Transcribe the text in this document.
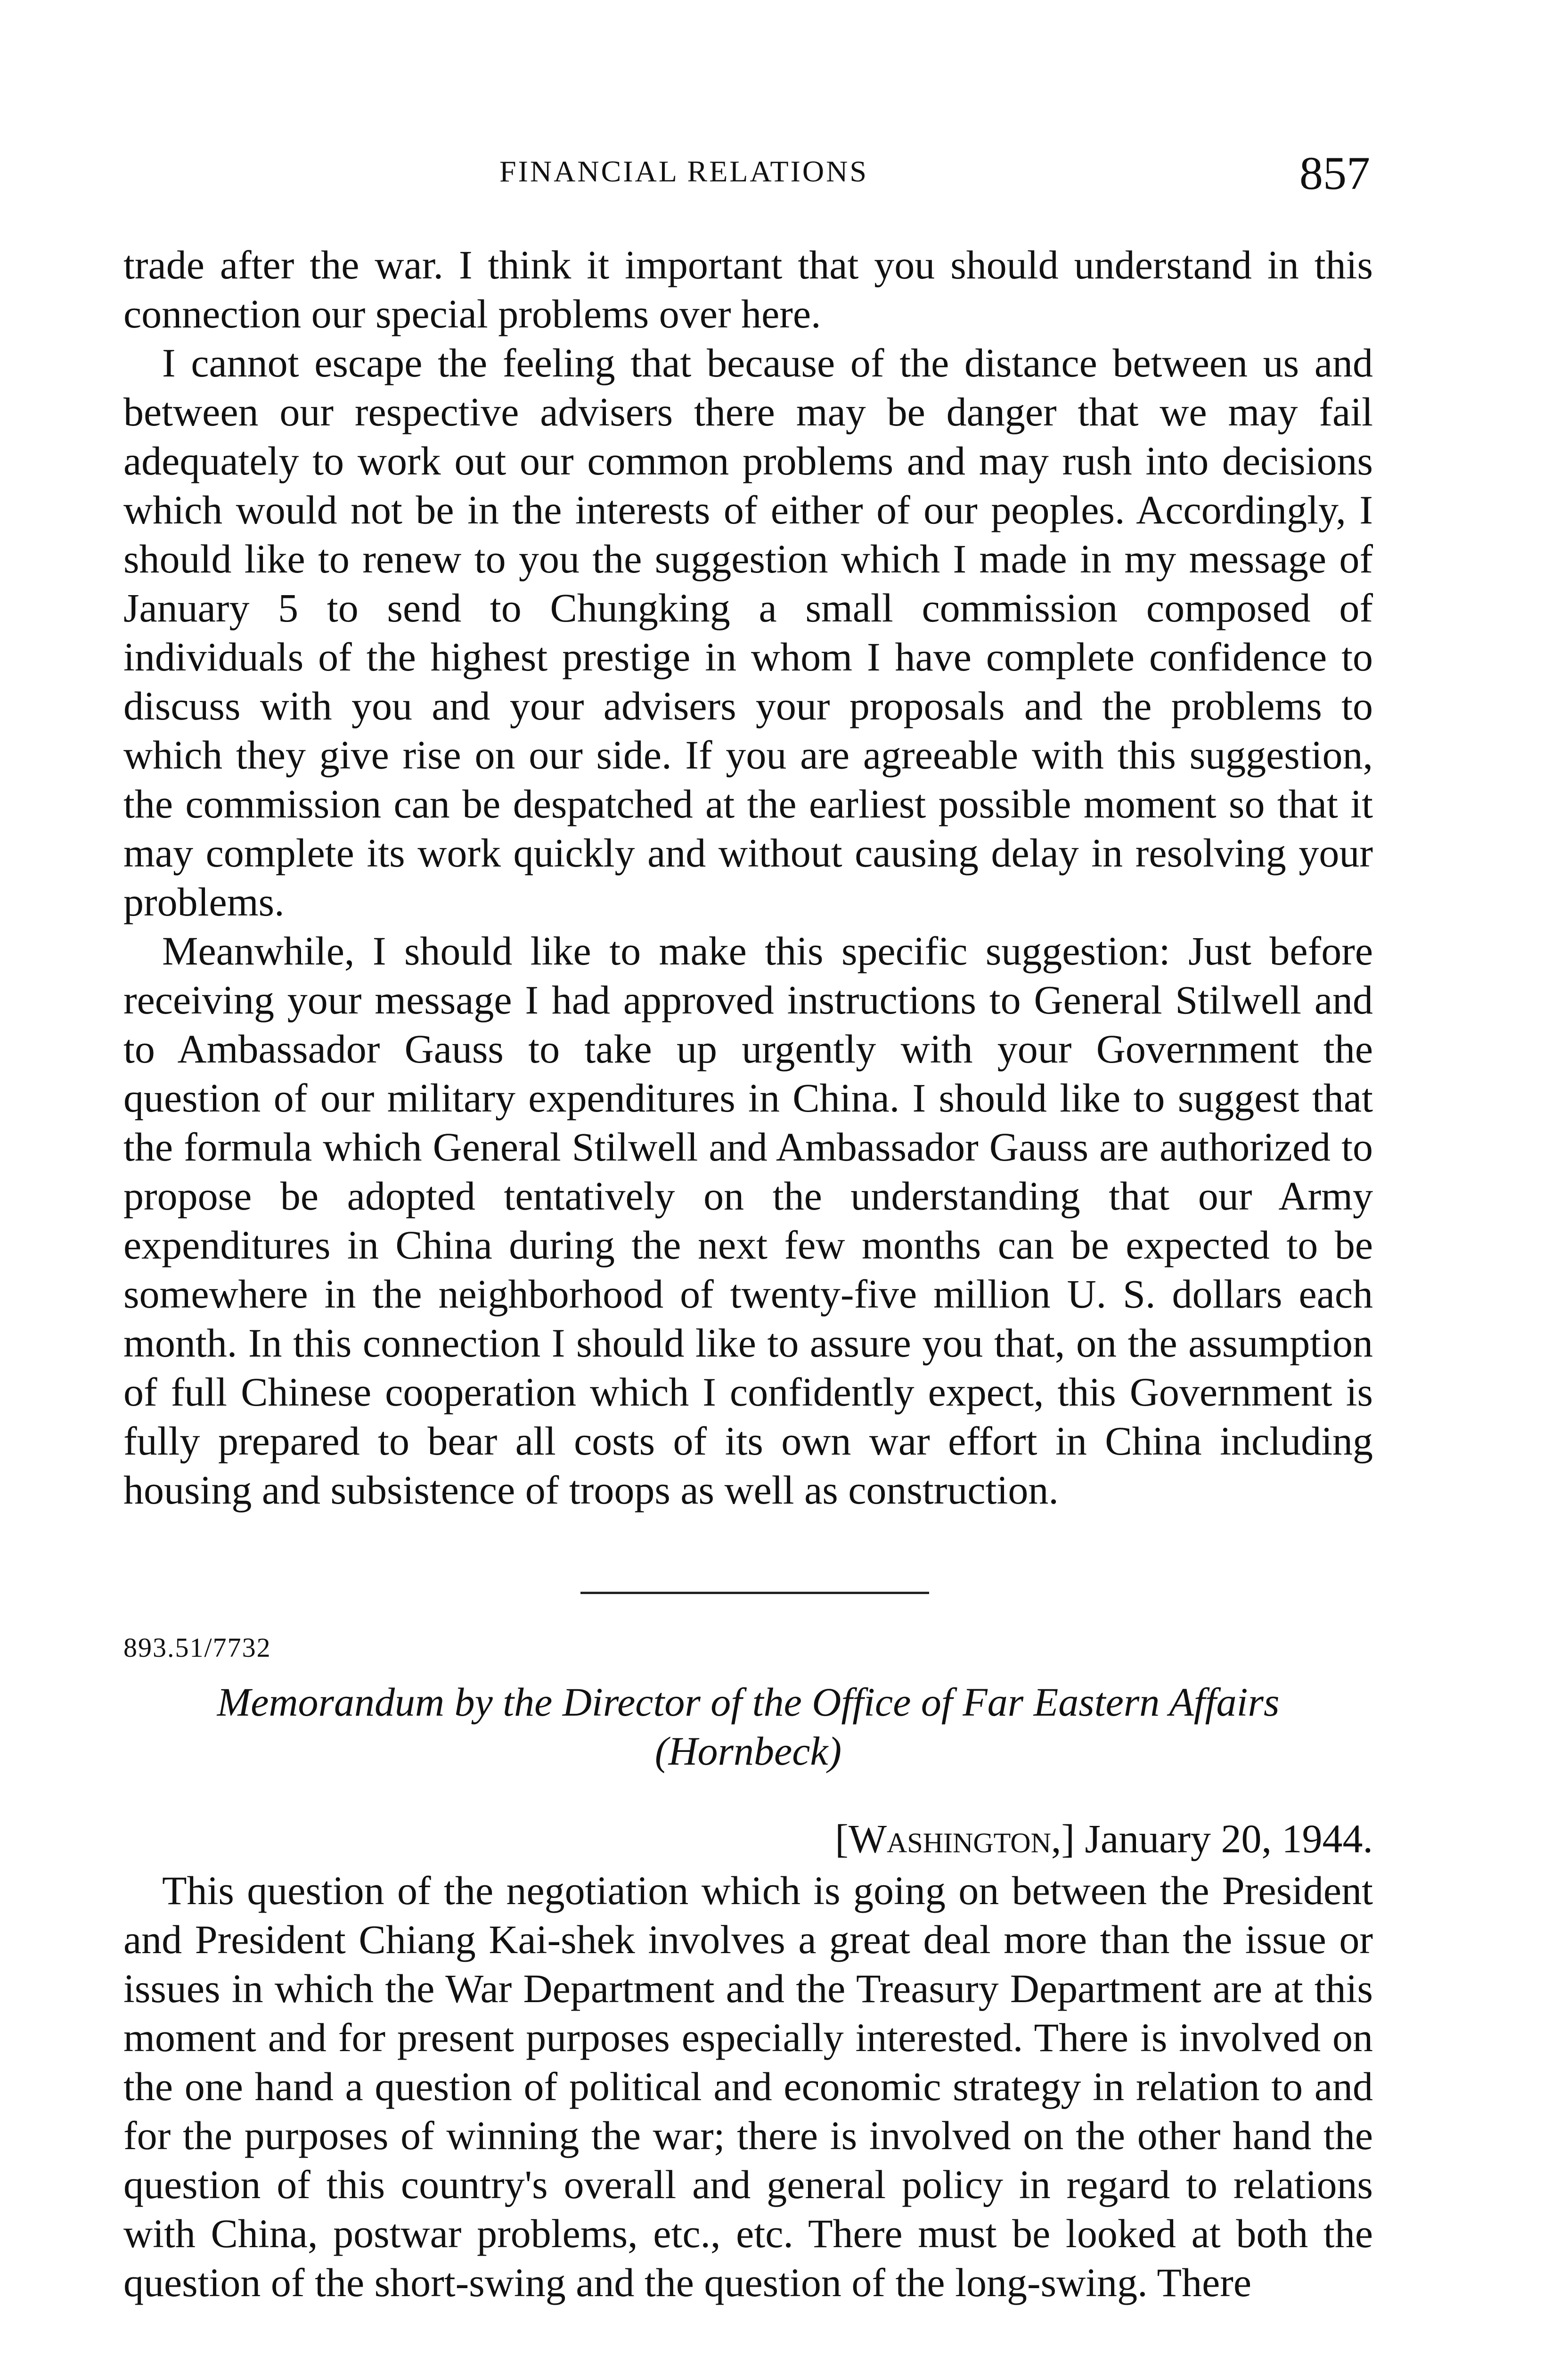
FINANCIAL RELATIONS	857

trade after the war. I think it important that you should understand in this connection our special problems over here.

I cannot escape the feeling that because of the distance between us and between our respective advisers there may be danger that we may fail adequately to work out our common problems and may rush into decisions which would not be in the interests of either of our peoples. Accordingly, I should like to renew to you the suggestion which I made in my message of January 5 to send to Chungking a small commission composed of individuals of the highest prestige in whom I have complete confidence to discuss with you and your advisers your proposals and the problems to which they give rise on our side. If you are agreeable with this suggestion, the commission can be despatched at the earliest possible moment so that it may complete its work quickly and without causing delay in resolving your problems.

Meanwhile, I should like to make this specific suggestion: Just before receiving your message I had approved instructions to General Stilwell and to Ambassador Gauss to take up urgently with your Government the question of our military expenditures in China. I should like to suggest that the formula which General Stilwell and Ambassador Gauss are authorized to propose be adopted tentatively on the understanding that our Army expenditures in China during the next few months can be expected to be somewhere in the neighborhood of twenty-five million U. S. dollars each month. In this connection I should like to assure you that, on the assumption of full Chinese cooperation which I confidently expect, this Government is fully prepared to bear all costs of its own war effort in China including housing and subsistence of troops as well as construction.

893.51/7732
Memorandum by the Director of the Office of Far Eastern Affairs
(Hornbeck)
[Washington,] January 20, 1944.

This question of the negotiation which is going on between the President and President Chiang Kai-shek involves a great deal more than the issue or issues in which the War Department and the Treasury Department are at this moment and for present purposes especially interested. There is involved on the one hand a question of political and economic strategy in relation to and for the purposes of winning the war; there is involved on the other hand the question of this country's overall and general policy in regard to relations with China, postwar problems, etc., etc. There must be looked at both the question of the short-swing and the question of the long-swing. There
